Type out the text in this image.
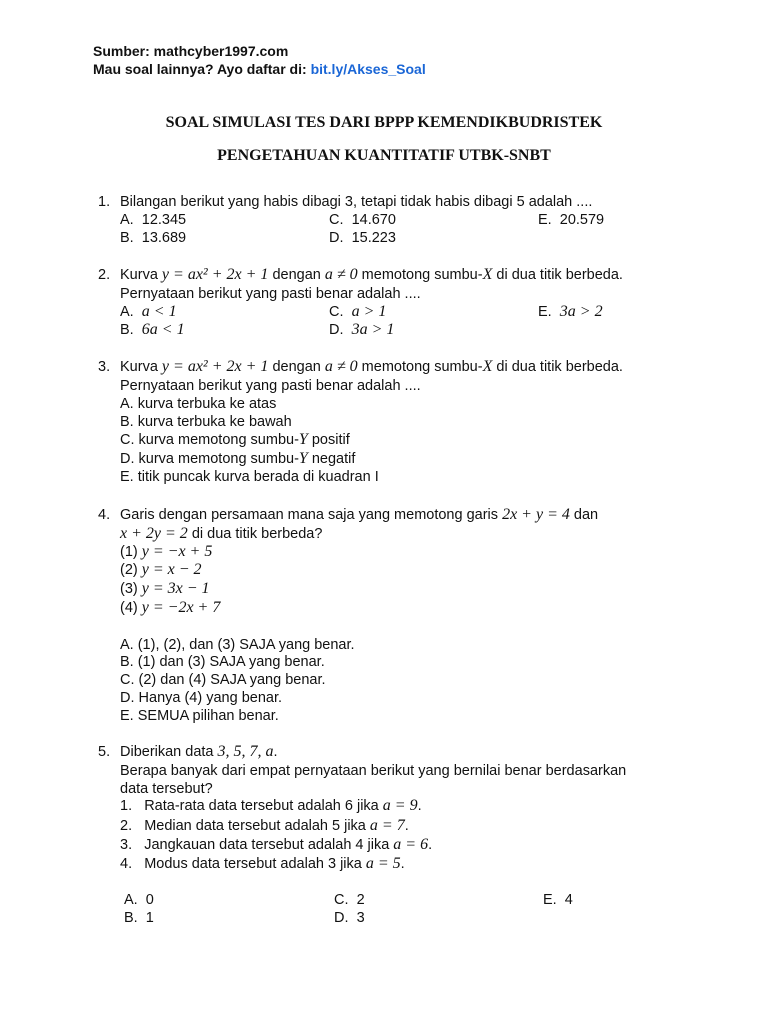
Sumber: mathcyber1997.com
Mau soal lainnya? Ayo daftar di: bit.ly/Akses_Soal
SOAL SIMULASI TES DARI BPPP KEMENDIKBUDRISTEK
PENGETAHUAN KUANTITATIF UTBK-SNBT
1. Bilangan berikut yang habis dibagi 3, tetapi tidak habis dibagi 5 adalah ....
A. 12.345
B. 13.689
C. 14.670
D. 15.223
E. 20.579
2. Kurva y = ax² + 2x + 1 dengan a ≠ 0 memotong sumbu-X di dua titik berbeda.
Pernyataan berikut yang pasti benar adalah ....
A. a < 1
B. 6a < 1
C. a > 1
D. 3a > 1
E. 3a > 2
3. Kurva y = ax² + 2x + 1 dengan a ≠ 0 memotong sumbu-X di dua titik berbeda.
Pernyataan berikut yang pasti benar adalah ....
A. kurva terbuka ke atas
B. kurva terbuka ke bawah
C. kurva memotong sumbu-Y positif
D. kurva memotong sumbu-Y negatif
E. titik puncak kurva berada di kuadran I
4. Garis dengan persamaan mana saja yang memotong garis 2x + y = 4 dan
x + 2y = 2 di dua titik berbeda?
(1) y = −x + 5
(2) y = x − 2
(3) y = 3x − 1
(4) y = −2x + 7
A. (1), (2), dan (3) SAJA yang benar.
B. (1) dan (3) SAJA yang benar.
C. (2) dan (4) SAJA yang benar.
D. Hanya (4) yang benar.
E. SEMUA pilihan benar.
5. Diberikan data 3, 5, 7, a.
Berapa banyak dari empat pernyataan berikut yang bernilai benar berdasarkan
data tersebut?
1. Rata-rata data tersebut adalah 6 jika a = 9.
2. Median data tersebut adalah 5 jika a = 7.
3. Jangkauan data tersebut adalah 4 jika a = 6.
4. Modus data tersebut adalah 3 jika a = 5.
A. 0
B. 1
C. 2
D. 3
E. 4
